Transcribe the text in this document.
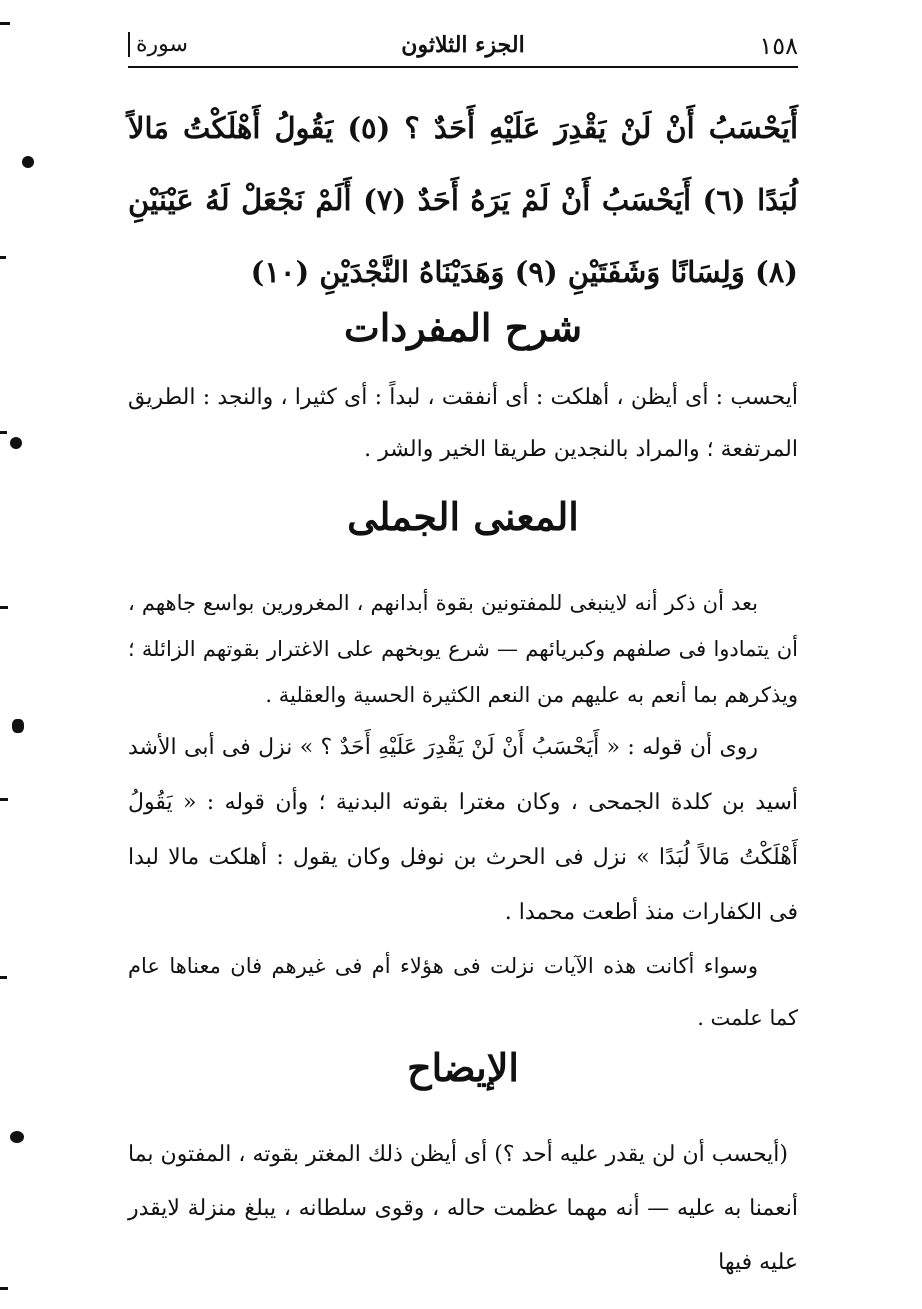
١٥٨
الجزء الثلاثون
سورة
أَيَحْسَبُ أَنْ لَنْ يَقْدِرَ عَلَيْهِ أَحَدٌ ؟ (٥) يَقُولُ أَهْلَكْتُ مَالاً لُبَدًا (٦) أَيَحْسَبُ أَنْ لَمْ يَرَهُ أَحَدٌ (٧) أَلَمْ نَجْعَلْ لَهُ عَيْنَيْنِ (٨) وَلِسَانًا وَشَفَتَيْنِ (٩) وَهَدَيْنَاهُ النَّجْدَيْنِ (١٠)
شرح المفردات
أيحسب : أى أيظن ، أهلكت : أى أنفقت ، لبداً : أى كثيرا ، والنجد : الطريق المرتفعة ؛ والمراد بالنجدين طريقا الخير والشر .
المعنى الجملى
بعد أن ذكر أنه لاينبغى للمفتونين بقوة أبدانهم ، المغرورين بواسع جاههم ، أن يتمادوا فى صلفهم وكبريائهم — شرع يوبخهم على الاغترار بقوتهم الزائلة ؛ ويذكرهم بما أنعم به عليهم من النعم الكثيرة الحسية والعقلية .
روى أن قوله : « أَيَحْسَبُ أَنْ لَنْ يَقْدِرَ عَلَيْهِ أَحَدٌ ؟ » نزل فى أبى الأشد أسيد بن كلدة الجمحى ، وكان مغترا بقوته البدنية ؛ وأن قوله : « يَقُولُ أَهْلَكْتُ مَالاً لُبَدًا » نزل فى الحرث بن نوفل وكان يقول : أهلكت مالا لبدا فى الكفارات منذ أطعت محمدا .
وسواء أكانت هذه الآيات نزلت فى هؤلاء أم فى غيرهم فان معناها عام كما علمت .
الإيضاح
(أيحسب أن لن يقدر عليه أحد ؟) أى أيظن ذلك المغتر بقوته ، المفتون بما أنعمنا به عليه — أنه مهما عظمت حاله ، وقوى سلطانه ، يبلغ منزلة لايقدر عليه فيها
